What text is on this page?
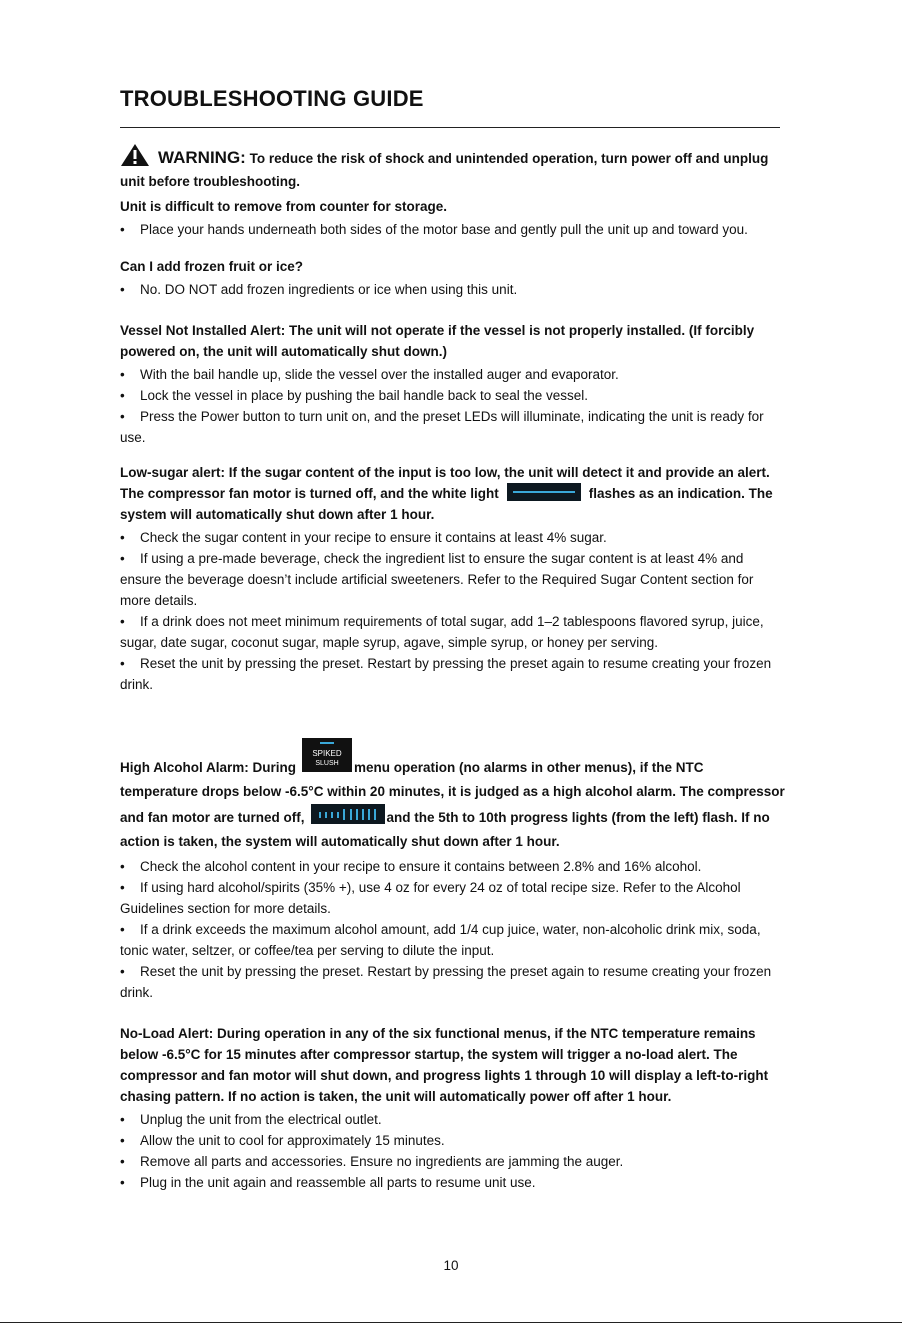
TROUBLESHOOTING GUIDE
WARNING: To reduce the risk of shock and unintended operation, turn power off and unplug unit before troubleshooting.
Unit is difficult to remove from counter for storage.
• Place your hands underneath both sides of the motor base and gently pull the unit up and toward you.
Can I add frozen fruit or ice?
• No. DO NOT add frozen ingredients or ice when using this unit.
Vessel Not Installed Alert: The unit will not operate if the vessel is not properly installed. (If forcibly powered on, the unit will automatically shut down.)
• With the bail handle up, slide the vessel over the installed auger and evaporator.
• Lock the vessel in place by pushing the bail handle back to seal the vessel.
• Press the Power button to turn unit on, and the preset LEDs will illuminate, indicating the unit is ready for use.
Low-sugar alert: If the sugar content of the input is too low, the unit will detect it and provide an alert. The compressor fan motor is turned off, and the white light	flashes as an indication. The system will automatically shut down after 1 hour.
• Check the sugar content in your recipe to ensure it contains at least 4% sugar.
• If using a pre-made beverage, check the ingredient list to ensure the sugar content is at least 4% and ensure the beverage doesn’t include artificial sweeteners. Refer to the Required Sugar Content section for more details.
• If a drink does not meet minimum requirements of total sugar, add 1–2 tablespoons flavored syrup, juice, sugar, date sugar, coconut sugar, maple syrup, agave, simple syrup, or honey per serving.
• Reset the unit by pressing the preset. Restart by pressing the preset again to resume creating your frozen drink.
High Alcohol Alarm: During
SPIKED
SLUSH	menu operation (no alarms in other menus), if the NTC temperature drops below -6.5°C within 20 minutes, it is judged as a high alcohol alarm. The compressor and fan motor are turned off,	and the 5th to 10th progress lights (from the left) flash. If no action is taken, the system will automatically shut down after 1 hour.
• Check the alcohol content in your recipe to ensure it contains between 2.8% and 16% alcohol.
• If using hard alcohol/spirits (35% +), use 4 oz for every 24 oz of total recipe size. Refer to the Alcohol Guidelines section for more details.
• If a drink exceeds the maximum alcohol amount, add 1/4 cup juice, water, non-alcoholic drink mix, soda, tonic water, seltzer, or coffee/tea per serving to dilute the input.
• Reset the unit by pressing the preset. Restart by pressing the preset again to resume creating your frozen drink.
No-Load Alert: During operation in any of the six functional menus, if the NTC temperature remains below -6.5°C for 15 minutes after compressor startup, the system will trigger a no-load alert. The compressor and fan motor will shut down, and progress lights 1 through 10 will display a left-to-right chasing pattern. If no action is taken, the unit will automatically power off after 1 hour.
• Unplug the unit from the electrical outlet.
• Allow the unit to cool for approximately 15 minutes.
• Remove all parts and accessories. Ensure no ingredients are jamming the auger.
• Plug in the unit again and reassemble all parts to resume unit use.
10
